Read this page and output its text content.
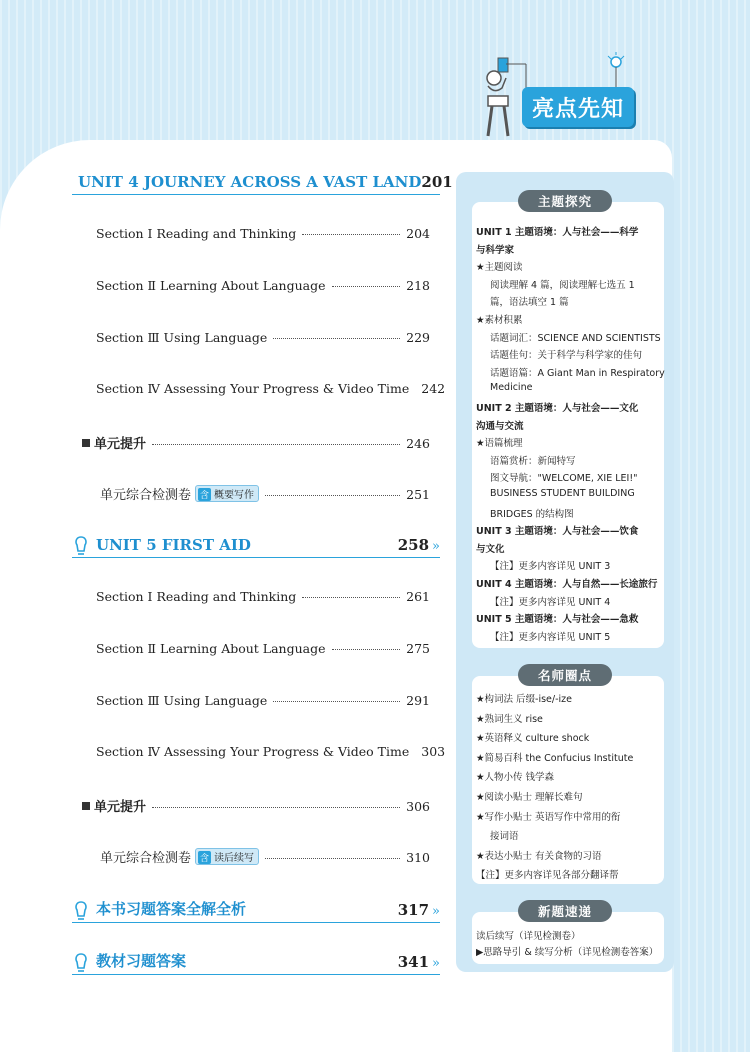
亮点先知
UNIT 4 JOURNEY ACROSS A VAST LAND 201
Section Ⅰ Reading and Thinking	204
Section Ⅱ Learning About Language	218
Section Ⅲ Using Language	229
Section Ⅳ Assessing Your Progress & Video Time 242
单元提升	246
单元综合检测卷 含 概要写作	251
UNIT 5 FIRST AID	258 »
Section Ⅰ Reading and Thinking	261
Section Ⅱ Learning About Language	275
Section Ⅲ Using Language	291
Section Ⅳ Assessing Your Progress & Video Time 303
单元提升	306
单元综合检测卷 含 读后续写	310
本书习题答案全解全析	317 »
教材习题答案	341 »
主题探究
UNIT 1 主题语境：人与社会——科学
与科学家
★主题阅读
阅读理解 4 篇，阅读理解七选五 1
篇，语法填空 1 篇
★素材积累
话题词汇：SCIENCE AND SCIENTISTS
话题佳句：关于科学与科学家的佳句
话题语篇：A Giant Man in Respiratory
Medicine
UNIT 2 主题语境：人与社会——文化
沟通与交流
★语篇梳理
语篇赏析：新闻特写
图文导航："WELCOME, XIE LEI!"
BUSINESS STUDENT BUILDING
BRIDGES 的结构图
UNIT 3 主题语境：人与社会——饮食
与文化
【注】更多内容详见 UNIT 3
UNIT 4 主题语境：人与自然——长途旅行
【注】更多内容详见 UNIT 4
UNIT 5 主题语境：人与社会——急救
【注】更多内容详见 UNIT 5
名师圈点
★构词法 后缀-ise/-ize
★熟词生义 rise
★英语释义 culture shock
★简易百科 the Confucius Institute
★人物小传 钱学森
★阅读小贴士 理解长难句
★写作小贴士 英语写作中常用的衔
接词语
★表达小贴士 有关食物的习语
【注】更多内容详见各部分翻译帮
新题速递
读后续写（详见检测卷）
▶思路导引 & 续写分析（详见检测卷答案）
